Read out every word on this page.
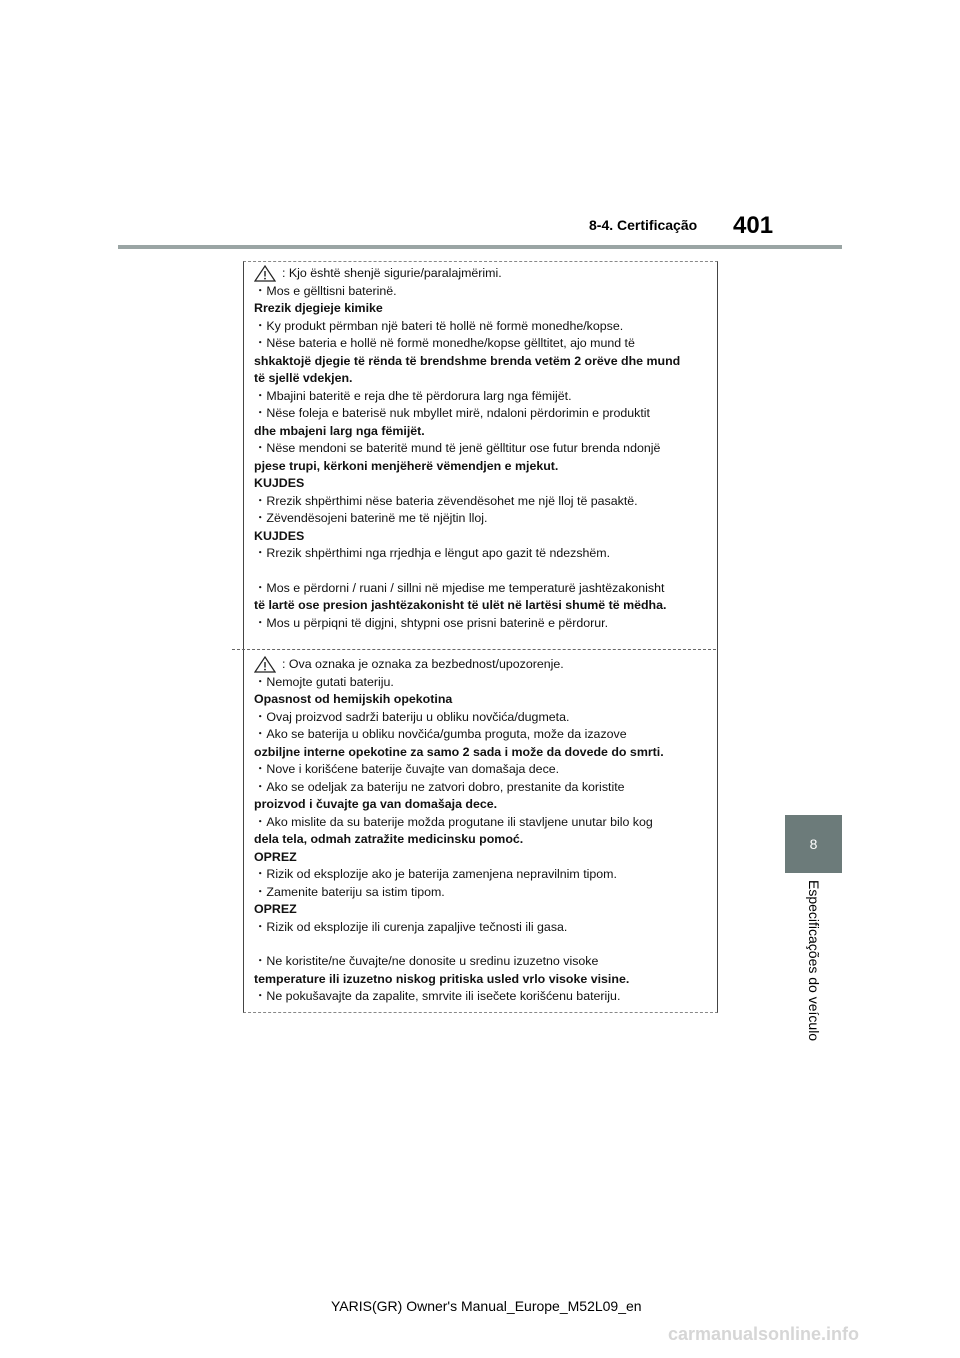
8-4. Certificação 401
8
Especificações do veículo
: Kjo është shenjë sigurie/paralajmërimi.
・Mos e gëlltisni baterinë.
Rrezik djegieje kimike
・Ky produkt përmban një bateri të hollë në formë monedhe/kopse.
・Nëse bateria e hollë në formë monedhe/kopse gëlltitet, ajo mund të
shkaktojë djegie të rënda të brendshme brenda vetëm 2 orëve dhe mund
të sjellë vdekjen.
・Mbajini bateritë e reja dhe të përdorura larg nga fëmijët.
・Nëse foleja e baterisë nuk mbyllet mirë, ndaloni përdorimin e produktit
dhe mbajeni larg nga fëmijët.
・Nëse mendoni se bateritë mund të jenë gëlltitur ose futur brenda ndonjë
pjese trupi, kërkoni menjëherë vëmendjen e mjekut.
KUJDES
・Rrezik shpërthimi nëse bateria zëvendësohet me një lloj të pasaktë.
・Zëvendësojeni baterinë me të njëjtin lloj.
KUJDES
・Rrezik shpërthimi nga rrjedhja e lëngut apo gazit të ndezshëm.
・Mos e përdorni / ruani / sillni në mjedise me temperaturë jashtëzakonisht
të lartë ose presion jashtëzakonisht të ulët në lartësi shumë të mëdha.
・Mos u përpiqni të digjni, shtypni ose prisni baterinë e përdorur.
: Ova oznaka je oznaka za bezbednost/upozorenje.
・Nemojte gutati bateriju.
Opasnost od hemijskih opekotina
・Ovaj proizvod sadrži bateriju u obliku novčića/dugmeta.
・Ako se baterija u obliku novčića/gumba proguta, može da izazove
ozbiljne interne opekotine za samo 2 sada i može da dovede do smrti.
・Nove i korišćene baterije čuvajte van domašaja dece.
・Ako se odeljak za bateriju ne zatvori dobro, prestanite da koristite
proizvod i čuvajte ga van domašaja dece.
・Ako mislite da su baterije možda progutane ili stavljene unutar bilo kog
dela tela, odmah zatražite medicinsku pomoć.
OPREZ
・Rizik od eksplozije ako je baterija zamenjena nepravilnim tipom.
・Zamenite bateriju sa istim tipom.
OPREZ
・Rizik od eksplozije ili curenja zapaljive tečnosti ili gasa.
・Ne koristite/ne čuvajte/ne donosite u sredinu izuzetno visoke
temperature ili izuzetno niskog pritiska usled vrlo visoke visine.
・Ne pokušavajte da zapalite, smrvite ili isečete korišćenu bateriju.
YARIS(GR) Owner's Manual_Europe_M52L09_en
carmanualsonline.info
